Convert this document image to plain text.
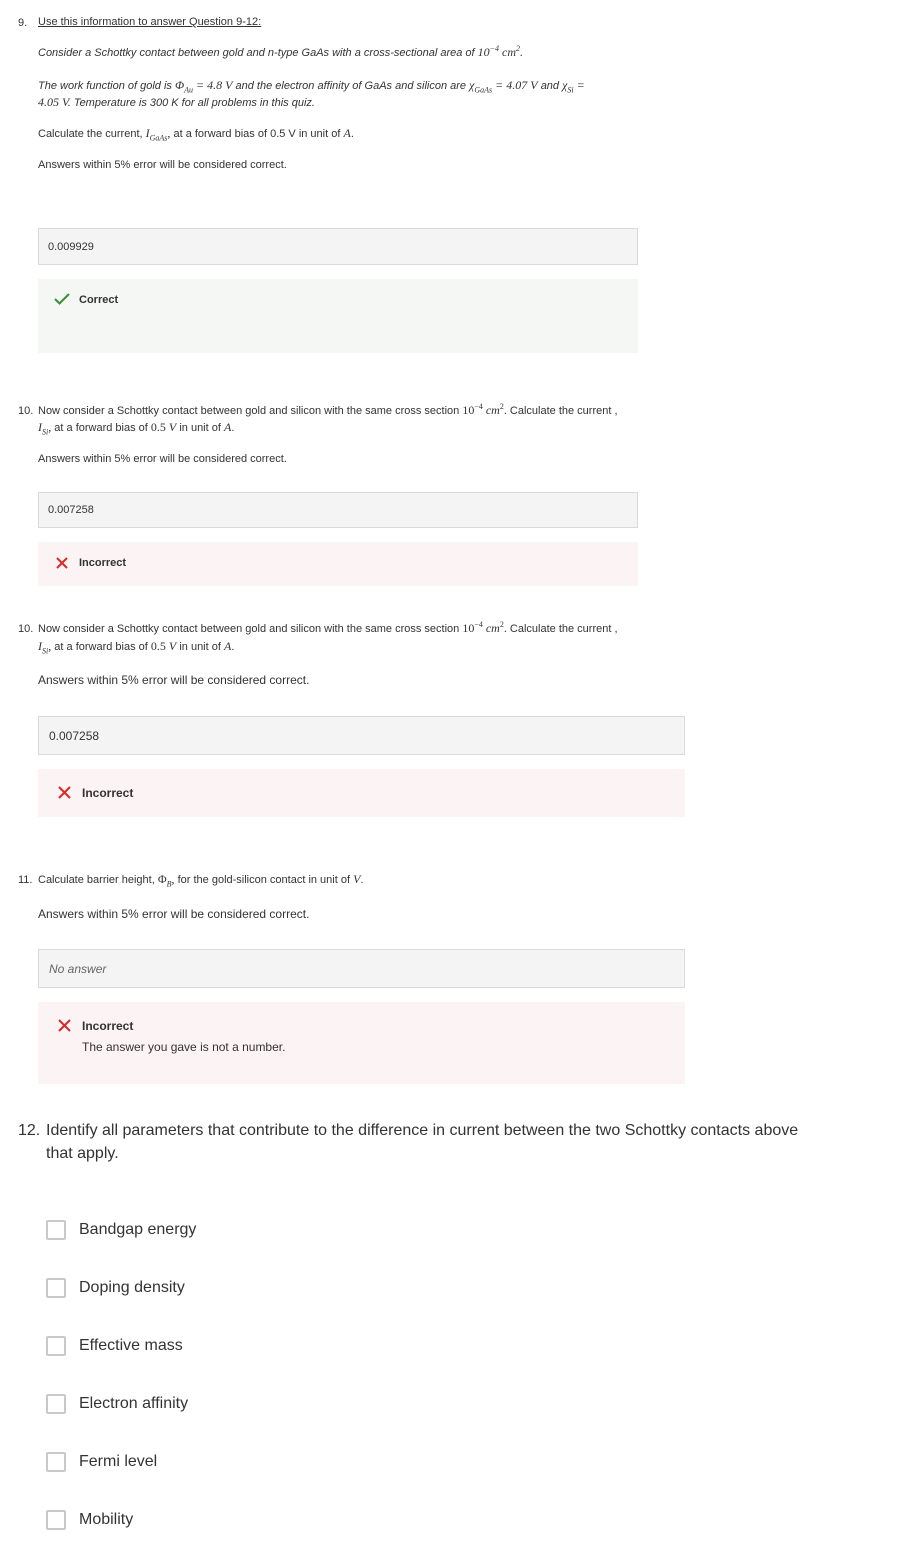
9. Use this information to answer Question 9-12:
Consider a Schottky contact between gold and n-type GaAs with a cross-sectional area of $10^{-4}$ $cm^2$.
The work function of gold is $\Phi_{Au} = 4.8$ V and the electron affinity of GaAs and silicon are $\chi_{GaAs} = 4.07$ V and $\chi_{Si}$ =
4.05 V. Temperature is 300 K for all problems in this quiz.
Calculate the current, $I_{GaAs}$, at a forward bias of 0.5 V in unit of A.
Answers within 5% error will be considered correct.
0.009929
Correct
10. Now consider a Schottky contact between gold and silicon with the same cross section $10^{-4}$ $cm^2$. Calculate the current ,
$I_{Si}$, at a forward bias of 0.5 V in unit of A.
Answers within 5% error will be considered correct.
0.007258
Incorrect
10. Now consider a Schottky contact between gold and silicon with the same cross section $10^{-4}$ $cm^2$. Calculate the current ,
$I_{Si}$, at a forward bias of 0.5 V in unit of A.
Answers within 5% error will be considered correct.
0.007258
Incorrect
11. Calculate barrier height, $\Phi_B$, for the gold-silicon contact in unit of V.
Answers within 5% error will be considered correct.
No answer
Incorrect
The answer you gave is not a number.
12. Identify all parameters that contribute to the difference in current between the two Schottky contacts above
that apply.
Bandgap energy
Doping density
Effective mass
Electron affinity
Fermi level
Mobility
